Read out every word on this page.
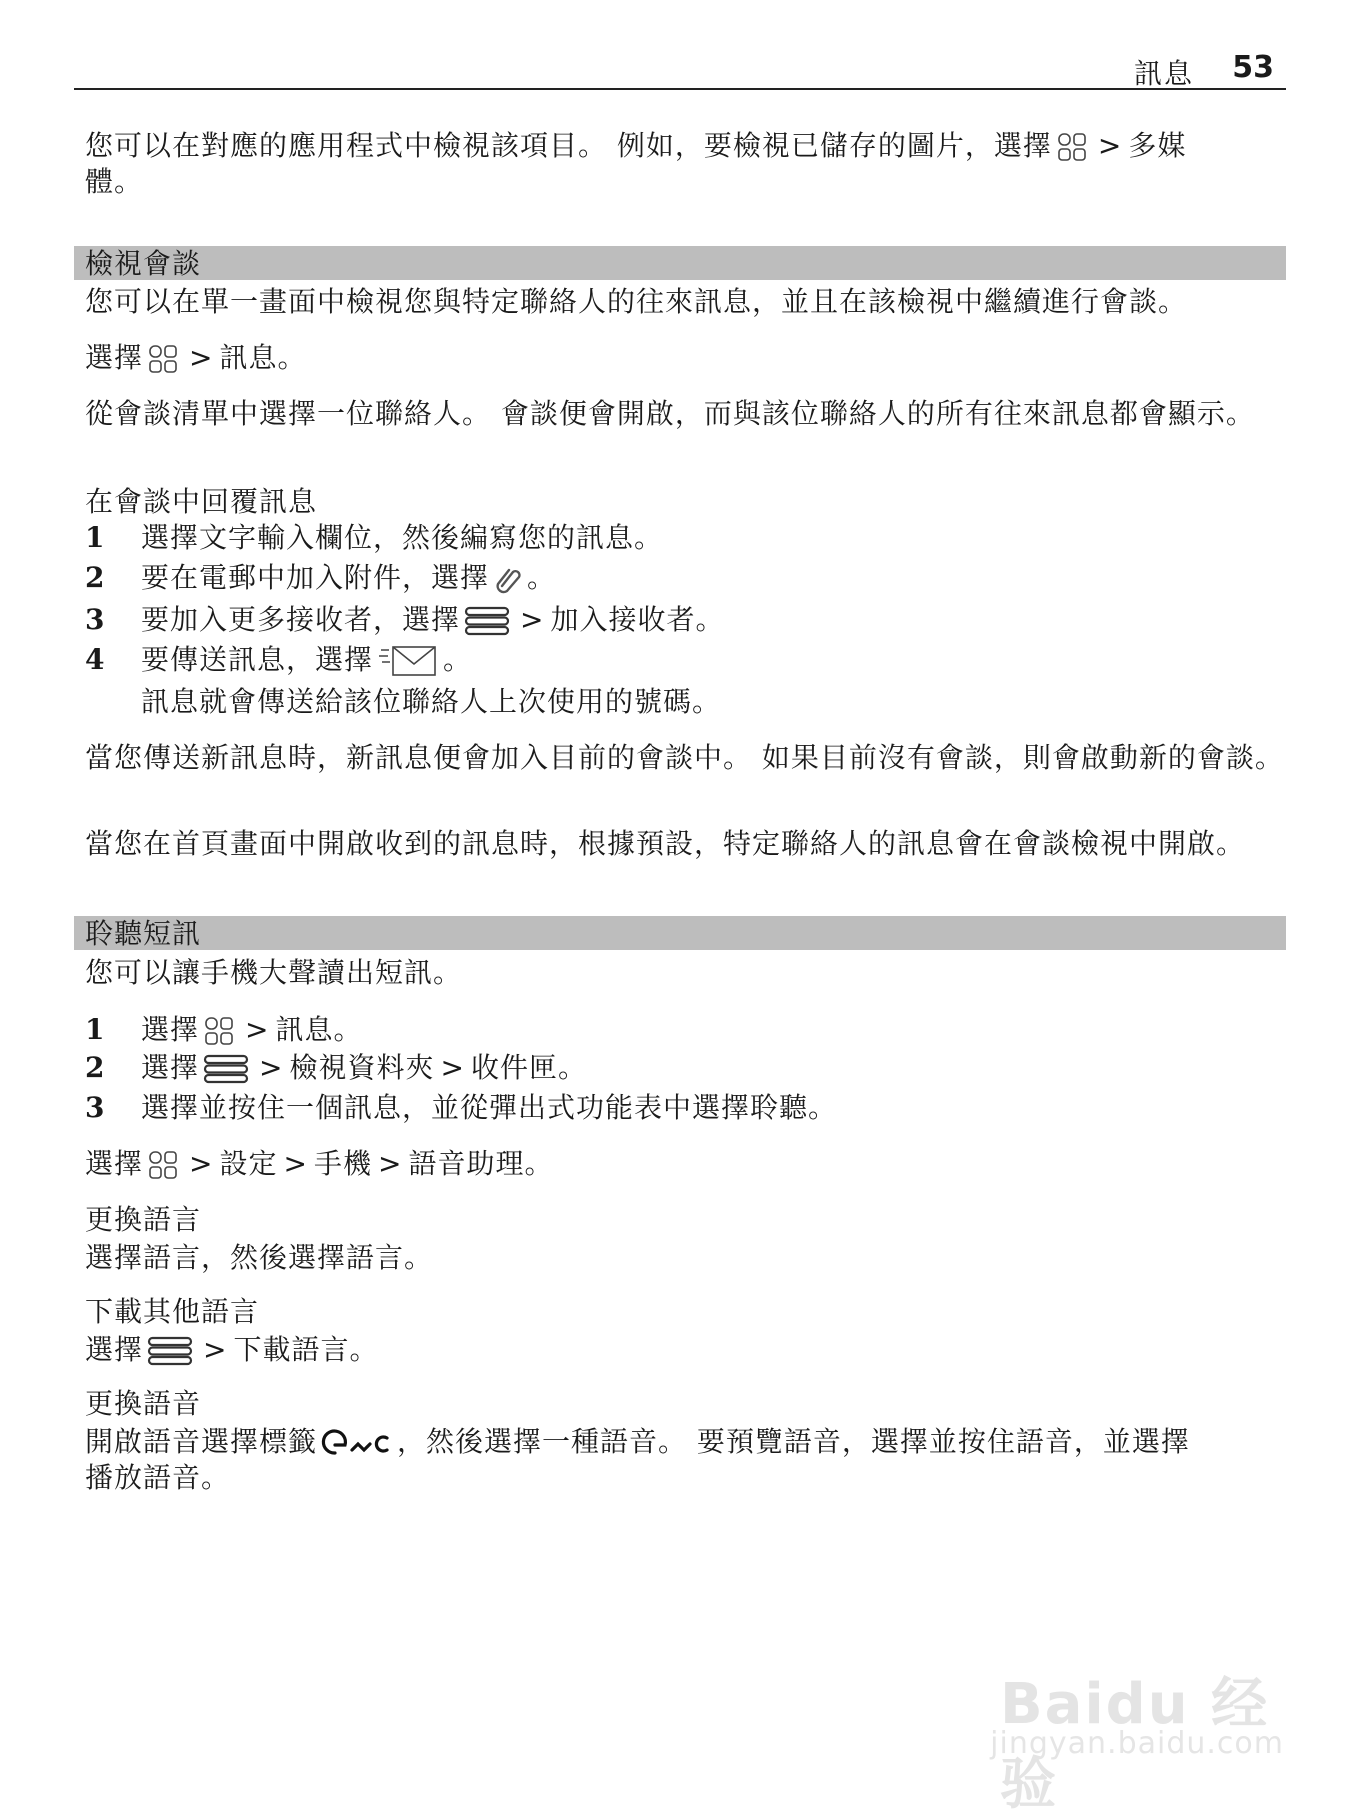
訊息 53
您可以在對應的應用程式中檢視該項目。 例如，要檢視已儲存的圖片，選擇 > 多媒
體。
檢視會談
您可以在單一畫面中檢視您與特定聯絡人的往來訊息，並且在該檢視中繼續進行會談。
選擇 > 訊息。
從會談清單中選擇一位聯絡人。 會談便會開啟，而與該位聯絡人的所有往來訊息都會顯示。
在會談中回覆訊息
1	選擇文字輸入欄位，然後編寫您的訊息。
2	要在電郵中加入附件，選擇 。
3	要加入更多接收者，選擇 > 加入接收者。
4	要傳送訊息，選擇	。
訊息就會傳送給該位聯絡人上次使用的號碼。
當您傳送新訊息時，新訊息便會加入目前的會談中。 如果目前沒有會談，則會啟動新的會談。
當您在首頁畫面中開啟收到的訊息時，根據預設，特定聯絡人的訊息會在會談檢視中開啟。
聆聽短訊
您可以讓手機大聲讀出短訊。
1	選擇 > 訊息。
2	選擇 > 檢視資料夾 > 收件匣。
3	選擇並按住一個訊息，並從彈出式功能表中選擇聆聽。
選擇 > 設定 > 手機 > 語音助理。
更換語言
選擇語言，然後選擇語言。
下載其他語言
選擇 > 下載語言。
更換語音
開啟語音選擇標籤	，然後選擇一種語音。 要預覽語音，選擇並按住語音，並選擇
播放語音。
Baidu 经验
jingyan.baidu.com
